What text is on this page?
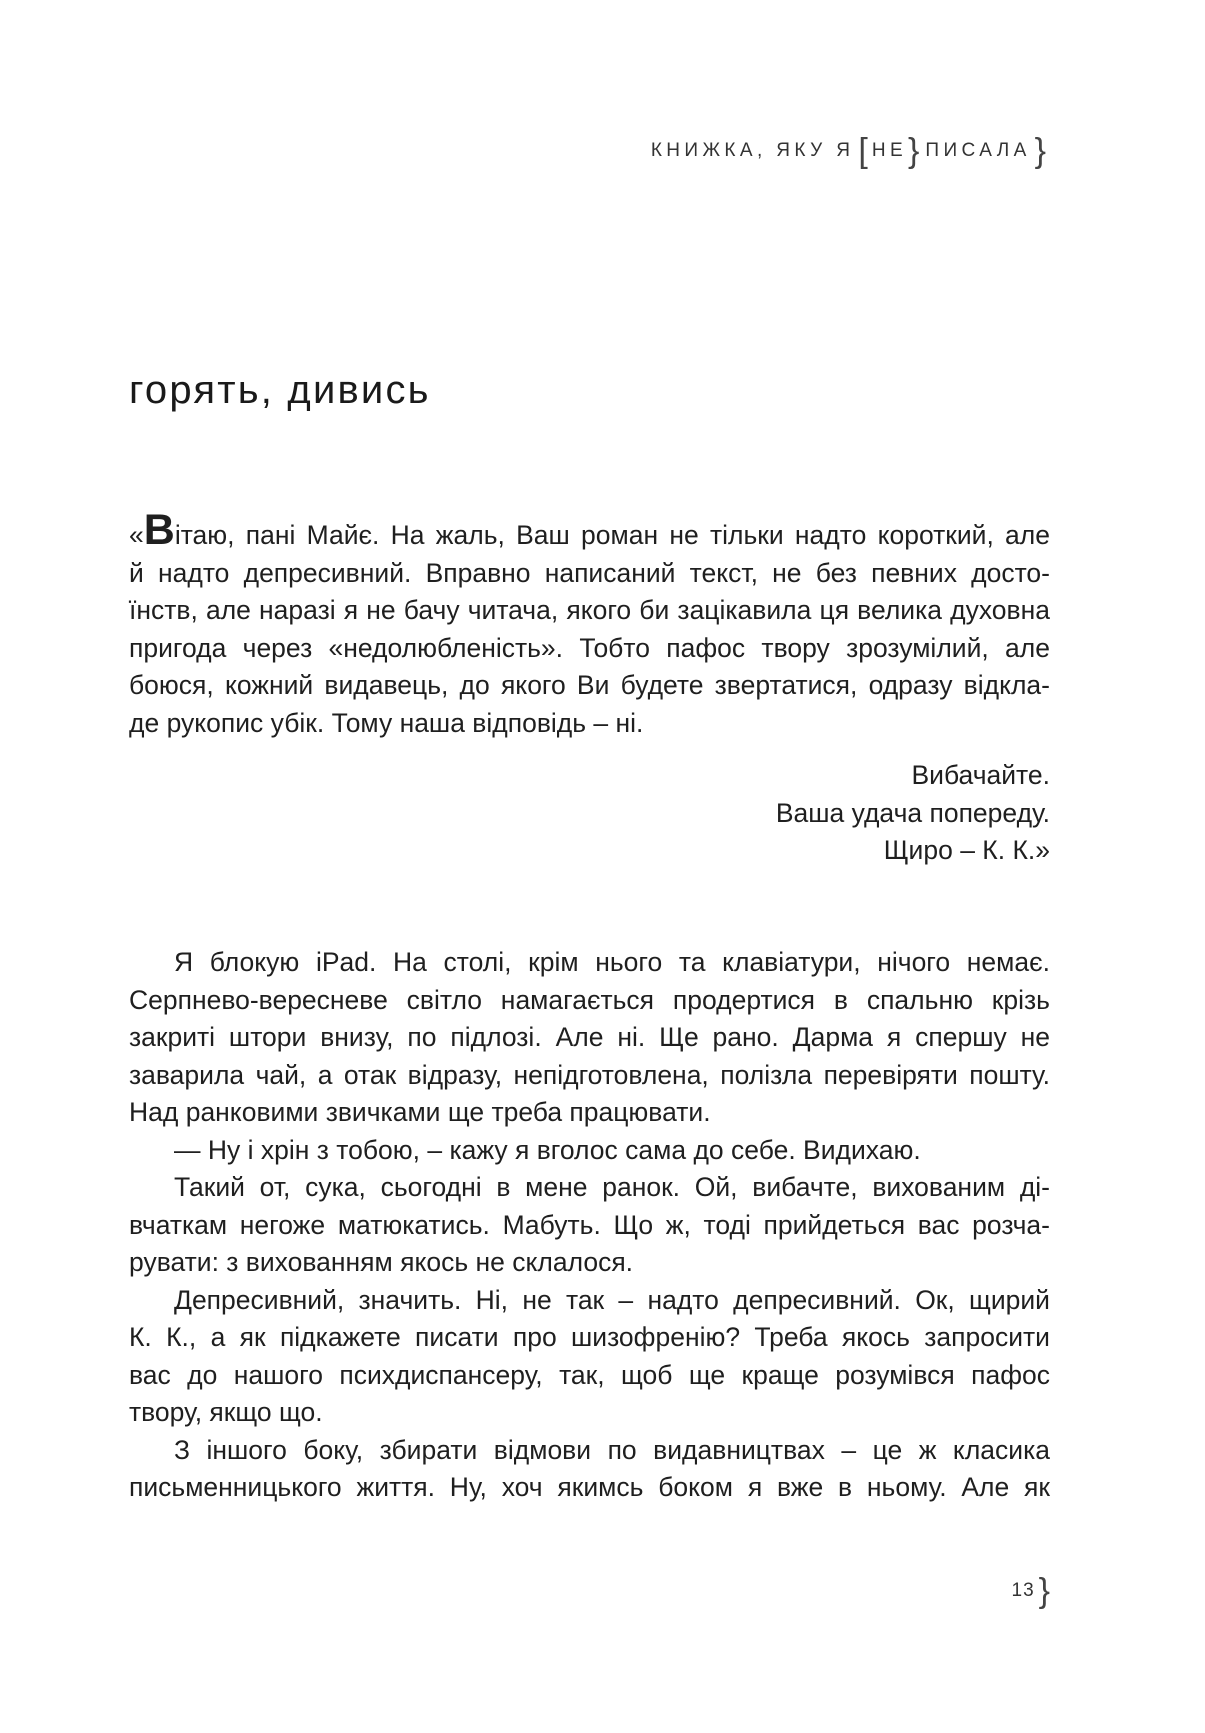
КНИЖКА, ЯКУ Я [ НЕ } ПИСАЛА }
горять, дивись
«Вітаю, пані Майє. На жаль, Ваш роман не тільки надто короткий, але
й надто депресивний. Вправно написаний текст, не без певних досто-
їнств, але наразі я не бачу читача, якого би зацікавила ця велика духовна
пригода через «недолюбленість». Тобто пафос твору зрозумілий, але
боюся, кожний видавець, до якого Ви будете звертатися, одразу відкла-
де рукопис убік. Тому наша відповідь – ні.
Вибачайте.
Ваша удача попереду.
Щиро – К. К.»
Я блокую iPad. На столі, крім нього та клавіатури, нічого немає.
Серпнево-вересневе світло намагається продертися в спальню крізь
закриті штори внизу, по підлозі. Але ні. Ще рано. Дарма я спершу не
заварила чай, а отак відразу, непідготовлена, полізла перевіряти пошту.
Над ранковими звичками ще треба працювати.
— Ну і хрін з тобою, – кажу я вголос сама до себе. Видихаю.
Такий от, сука, сьогодні в мене ранок. Ой, вибачте, вихованим ді-
вчаткам негоже матюкатись. Мабуть. Що ж, тоді прийдеться вас розча-
рувати: з вихованням якось не склалося.
Депресивний, значить. Ні, не так – надто депресивний. Ок, щирий
К. К., а як підкажете писати про шизофренію? Треба якось запросити
вас до нашого психдиспансеру, так, щоб ще краще розумівся пафос
твору, якщо що.
З іншого боку, збирати відмови по видавництвах – це ж класика
письменницького життя. Ну, хоч якимсь боком я вже в ньому. Але як
13 }
